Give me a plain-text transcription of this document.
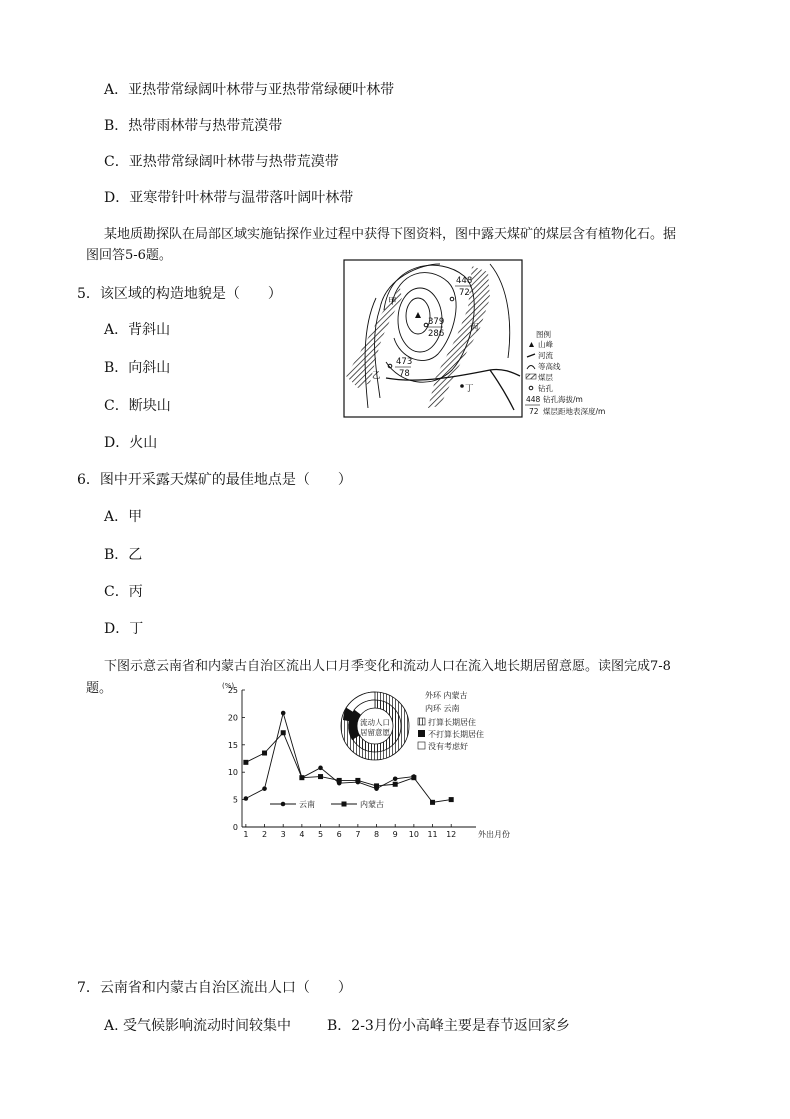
A．亚热带常绿阔叶林带与亚热带常绿硬叶林带
B．热带雨林带与热带荒漠带
C．亚热带常绿阔叶林带与热带荒漠带
D．亚寒带针叶林带与温带落叶阔叶林带
某地质勘探队在局部区域实施钻探作业过程中获得下图资料，图中露天煤矿的煤层含有植物化石。据
图回答5-6题。
5．该区域的构造地貌是（　　）
A．背斜山
B．向斜山
C．断块山
D．火山
448
72
379
286
473
78
甲
乙
丙
丁
图例
山峰
河流
等高线
煤层
钻孔
448
72
钻孔海拔/m
煤层距地表深度/m
6．图中开采露天煤矿的最佳地点是（　　）
A．甲
B．乙
C．丙
D．丁
下图示意云南省和内蒙古自治区流出人口月季变化和流动人口在流入地长期居留意愿。读图完成7-8
题。	(%)
0
5
10
15
20
25
1 2 3 4 5 6 7 8 9 10 11 12	外出月份
云南	内蒙古
流动人口
居留意愿
外环 内蒙古
内环 云南
打算长期居住
不打算长期居住
没有考虑好
7．云南省和内蒙古自治区流出人口（　　）
A. 受气候影响流动时间较集中	B．2-3月份小高峰主要是春节返回家乡
